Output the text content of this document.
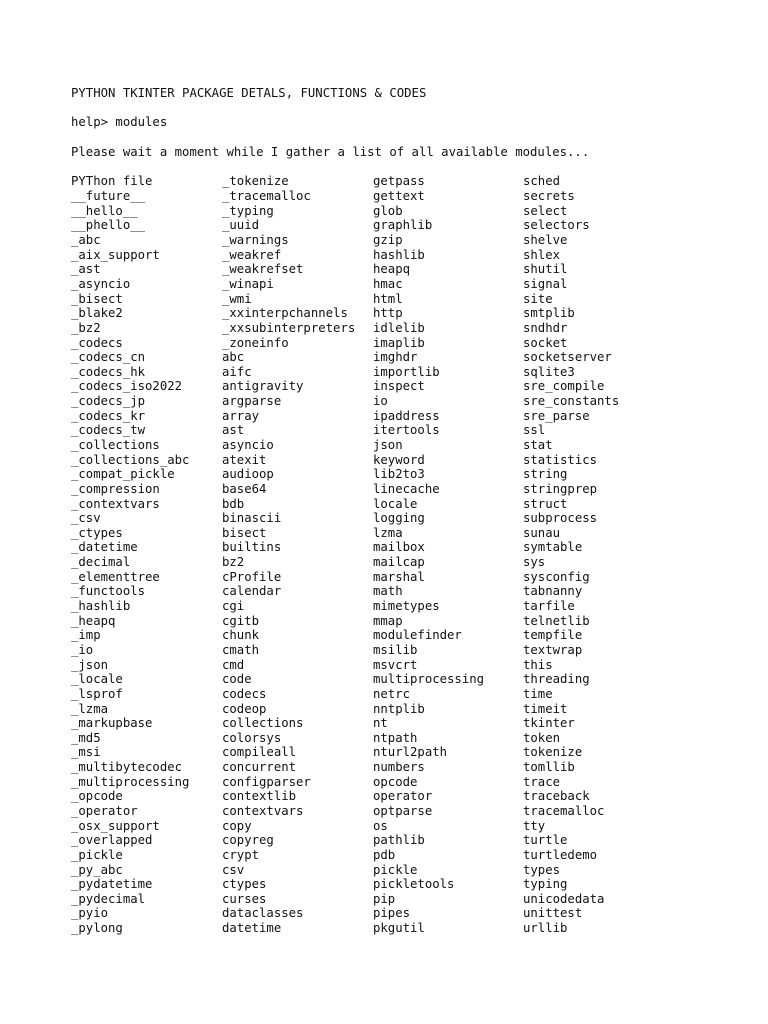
PYTHON TKINTER PACKAGE DETALS, FUNCTIONS & CODES
help> modules
Please wait a moment while I gather a list of all available modules...
PYThon file
__future__
__hello__
__phello__
_abc
_aix_support
_ast
_asyncio
_bisect
_blake2
_bz2
_codecs
_codecs_cn
_codecs_hk
_codecs_iso2022
_codecs_jp
_codecs_kr
_codecs_tw
_collections
_collections_abc
_compat_pickle
_compression
_contextvars
_csv
_ctypes
_datetime
_decimal
_elementtree
_functools
_hashlib
_heapq
_imp
_io
_json
_locale
_lsprof
_lzma
_markupbase
_md5
_msi
_multibytecodec
_multiprocessing
_opcode
_operator
_osx_support
_overlapped
_pickle
_py_abc
_pydatetime
_pydecimal
_pyio
_pylong
_tokenize
_tracemalloc
_typing
_uuid
_warnings
_weakref
_weakrefset
_winapi
_wmi
_xxinterpchannels
_xxsubinterpreters
_zoneinfo
abc
aifc
antigravity
argparse
array
ast
asyncio
atexit
audioop
base64
bdb
binascii
bisect
builtins
bz2
cProfile
calendar
cgi
cgitb
chunk
cmath
cmd
code
codecs
codeop
collections
colorsys
compileall
concurrent
configparser
contextlib
contextvars
copy
copyreg
crypt
csv
ctypes
curses
dataclasses
datetime
getpass
gettext
glob
graphlib
gzip
hashlib
heapq
hmac
html
http
idlelib
imaplib
imghdr
importlib
inspect
io
ipaddress
itertools
json
keyword
lib2to3
linecache
locale
logging
lzma
mailbox
mailcap
marshal
math
mimetypes
mmap
modulefinder
msilib
msvcrt
multiprocessing
netrc
nntplib
nt
ntpath
nturl2path
numbers
opcode
operator
optparse
os
pathlib
pdb
pickle
pickletools
pip
pipes
pkgutil
sched
secrets
select
selectors
shelve
shlex
shutil
signal
site
smtplib
sndhdr
socket
socketserver
sqlite3
sre_compile
sre_constants
sre_parse
ssl
stat
statistics
string
stringprep
struct
subprocess
sunau
symtable
sys
sysconfig
tabnanny
tarfile
telnetlib
tempfile
textwrap
this
threading
time
timeit
tkinter
token
tokenize
tomllib
trace
traceback
tracemalloc
tty
turtle
turtledemo
types
typing
unicodedata
unittest
urllib
